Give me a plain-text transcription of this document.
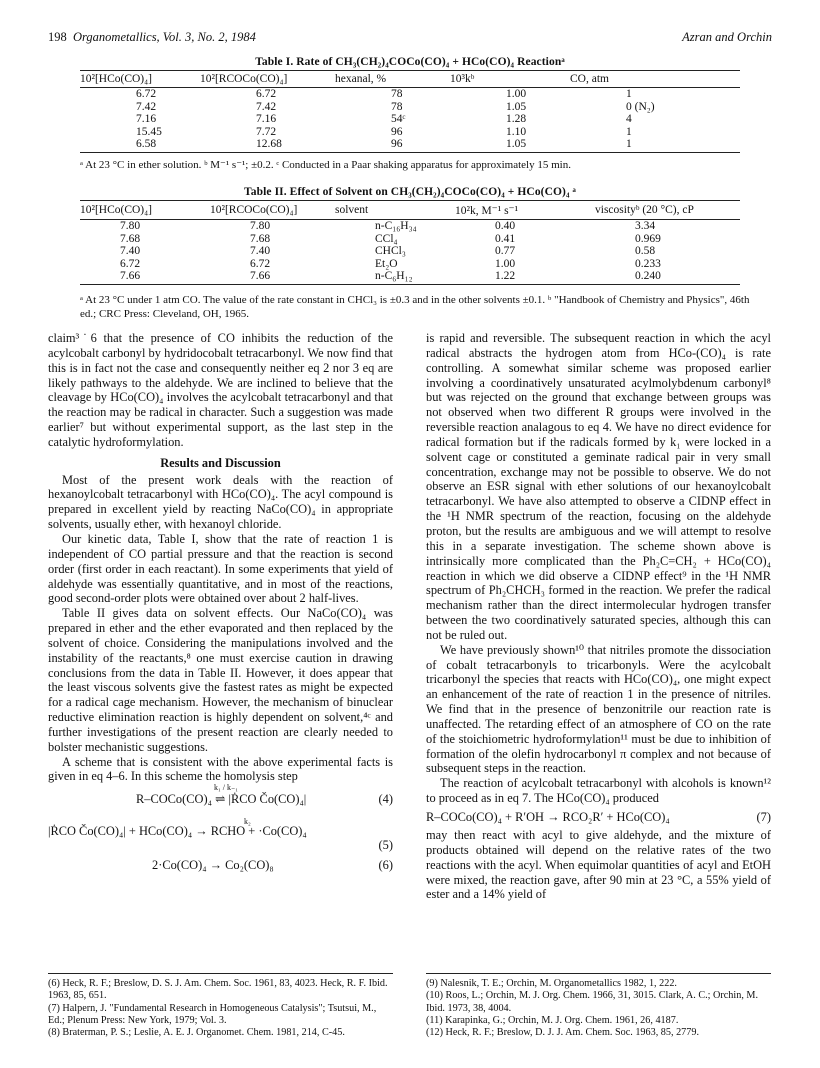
198 Organometallics, Vol. 3, No. 2, 1984	Azran and Orchin
Table I. Rate of CH₃(CH₂)₄COCo(CO)₄ + HCo(CO)₄ Reactionᵃ
10²[HCo(CO)₄]	10²[RCOCo(CO)₄]	hexanal, %	10³kᵇ	CO, atm
6.72	6.72	78	1.00	1
7.42	7.42	78	1.05	0 (N₂)
7.16	7.16	54ᶜ	1.28	4
15.45	7.72	96	1.10	1
6.58	12.68	96	1.05	1
ᵃ At 23 °C in ether solution. ᵇ M⁻¹ s⁻¹; ±0.2. ᶜ Conducted in a Paar shaking apparatus for approximately 15 min.
Table II. Effect of Solvent on CH₃(CH₂)₄COCo(CO)₄ + HCo(CO)₄ ᵃ
10²[HCo(CO)₄]	10²[RCOCo(CO)₄]	solvent	10²k, M⁻¹ s⁻¹	viscosityᵇ (20 °C), cP
7.80	7.80	n-C₁₆H₃₄	0.40	3.34
7.68	7.68	CCl₄	0.41	0.969
7.40	7.40	CHCl₃	0.77	0.58
6.72	6.72	Et₂O	1.00	0.233
7.66	7.66	n-C₆H₁₂	1.22	0.240
ᵃ At 23 °C under 1 atm CO. The value of the rate constant in CHCl₃ is ±0.3 and in the other solvents ±0.1. ᵇ "Handbook of Chemistry and Physics", 46th ed.; CRC Press: Cleveland, OH, 1965.

claim³˙6 that the presence of CO inhibits the reduction of the acylcobalt carbonyl by hydridocobalt tetracarbonyl. We now find that this is in fact not the case and consequently neither eq 2 nor 3 eq are likely pathways to the aldehyde. We are inclined to believe that the cleavage by HCo(CO)₄ involves the acylcobalt tetracarbonyl and that the reaction may be radical in character. Such a suggestion was made earlier⁷ but without experimental support, as the last step in the catalytic hydroformylation.

Results and Discussion

Most of the present work deals with the reaction of hexanoylcobalt tetracarbonyl with HCo(CO)₄. The acyl compound is prepared in excellent yield by reacting NaCo(CO)₄ in appropriate solvents, usually ether, with hexanoyl chloride.

Our kinetic data, Table I, show that the rate of reaction 1 is independent of CO partial pressure and that the reaction is second order (first order in each reactant). In some experiments that yield of aldehyde was essentially quantitative, and in most of the reactions, good second-order plots were obtained over about 2 half-lives.

Table II gives data on solvent effects. Our NaCo(CO)₄ was prepared in ether and the ether evaporated and then replaced by the solvent of choice. Considering the manipulations involved and the instability of the reactants,⁸ one must exercise caution in drawing conclusions from the data in Table II. However, it does appear that the least viscous solvents give the fastest rates as might be expected for a radical cage mechanism. However, the mechanism of binuclear reductive elimination reaction is highly dependent on solvent,⁴ᶜ and further investigations of the present reaction are clearly needed to bolster mechanistic suggestions.

A scheme that is consistent with the above experimental facts is given in eq 4–6. In this scheme the homolysis step

R–COCo(CO)₄ ⇌ |ṘCO Čo(CO)₄|
k₁ / k₋₁
(4)
|ṘCO Čo(CO)₄| + HCo(CO)₄ → RCHO + ·Co(CO)₄
k₂
(5)
2·Co(CO)₄ → Co₂(CO)₈	(6)

is rapid and reversible. The subsequent reaction in which the acyl radical abstracts the hydrogen atom from HCo-(CO)₄ is rate controlling. A somewhat similar scheme was proposed earlier involving a coordinatively unsaturated acylmolybdenum carbonyl⁸ but was rejected on the ground that exchange between groups was not observed when two different R groups were involved in the reversible reaction analagous to eq 4. We have no direct evidence for radical formation but if the radicals formed by k₁ were locked in a solvent cage or constituted a geminate radical pair in very small concentration, exchange may not be possible to observe. We do not observe an ESR signal with ether solutions of our hexanoylcobalt tetracarbonyl. We have also attempted to observe a CIDNP effect in the ¹H NMR spectrum of the reaction, focusing on the aldehyde proton, but the results are ambiguous and we will attempt to resolve this in a separate investigation. The scheme shown above is intrinsically more complicated than the Ph₂C=CH₂ + HCo(CO)₄ reaction in which we did observe a CIDNP effect⁹ in the ¹H NMR spectrum of Ph₂CHCH₃ formed in the reaction. We prefer the radical mechanism rather than the direct intermolecular hydrogen transfer between the two coordinatively saturated species, although this can not be ruled out.

We have previously shown¹⁰ that nitriles promote the dissociation of cobalt tetracarbonyls to tricarbonyls. Were the acylcobalt tricarbonyl the species that reacts with HCo(CO)₄, one might expect an enhancement of the rate of reaction 1 in the presence of nitriles. We find that in the presence of benzonitrile our reaction rate is unaffected. The retarding effect of an atmosphere of CO on the rate of the stoichiometric hydroformylation¹¹ must be due to inhibition of formation of the olefin hydrocarbonyl π complex and not because of subsequent steps in the reaction.

The reaction of acylcobalt tetracarbonyl with alcohols is known¹² to proceed as in eq 7. The HCo(CO)₄ produced

R–COCo(CO)₄ + R′OH → RCO₂R′ + HCo(CO)₄	(7)

may then react with acyl to give aldehyde, and the mixture of products obtained will depend on the relative rates of the two reactions with the acyl. When equimolar quantities of acyl and EtOH were mixed, the reaction gave, after 90 min at 23 °C, a 55% yield of ester and a 14% yield of

(6) Heck, R. F.; Breslow, D. S. J. Am. Chem. Soc. 1961, 83, 4023. Heck, R. F. Ibid. 1963, 85, 651.

(7) Halpern, J. "Fundamental Research in Homogeneous Catalysis"; Tsutsui, M., Ed.; Plenum Press: New York, 1979; Vol. 3.

(8) Braterman, P. S.; Leslie, A. E. J. Organomet. Chem. 1981, 214, C-45.

(9) Nalesnik, T. E.; Orchin, M. Organometallics 1982, 1, 222.

(10) Roos, L.; Orchin, M. J. Org. Chem. 1966, 31, 3015. Clark, A. C.; Orchin, M. Ibid. 1973, 38, 4004.

(11) Karapinka, G.; Orchin, M. J. Org. Chem. 1961, 26, 4187.

(12) Heck, R. F.; Breslow, D. J. J. Am. Chem. Soc. 1963, 85, 2779.
